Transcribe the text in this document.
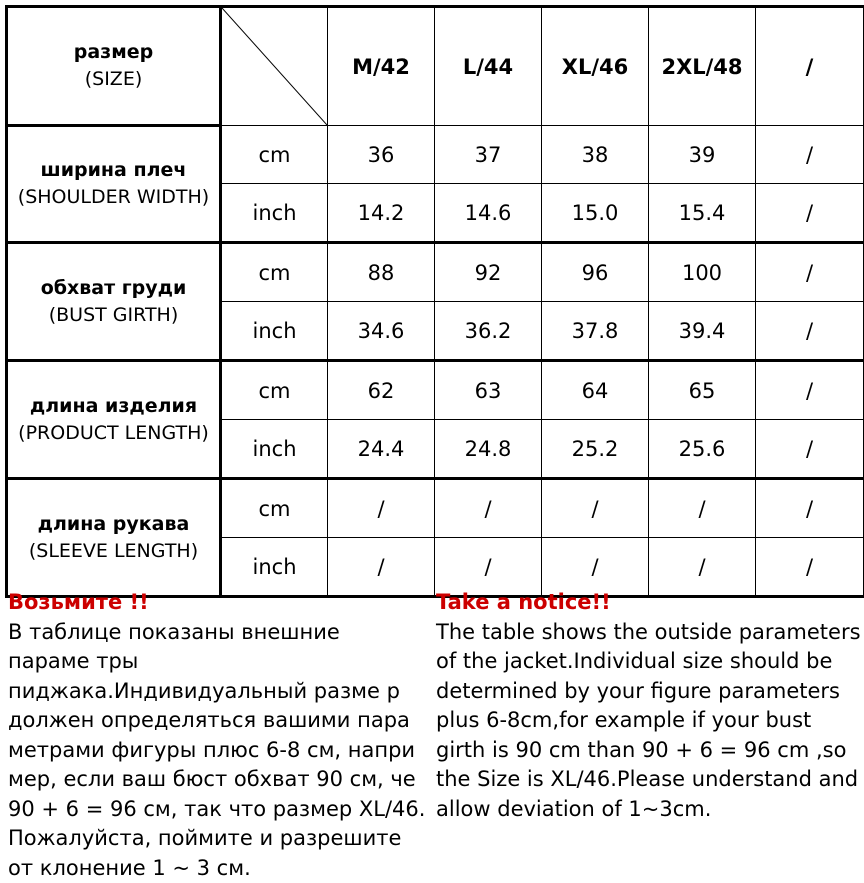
размер
(SIZE)		M/42	L/44	XL/46	2XL/48	/

ширина плеч
(SHOULDER WIDTH)	cm	36	37	38	39	/
	inch	14.2	14.6	15.0	15.4	/

обхват груди
(BUST GIRTH)	cm	88	92	96	100	/
	inch	34.6	36.2	37.8	39.4	/

длина изделия
(PRODUCT LENGTH)	cm	62	63	64	65	/
	inch	24.4	24.8	25.2	25.6	/

длина рукава
(SLEEVE LENGTH)	cm	/	/	/	/	/
	inch	/	/	/	/	/
Возьмите !!
В таблице показаны внешние параме тры пиджака.Индивидуальный разме р должен определяться вашими пара метрами фигуры плюс 6-8 см, напри мер, если ваш бюст обхват 90 см, че 90 + 6 = 96 см, так что размер XL/46. Пожалуйста, поймите и разрешите от клонение 1 ~ 3 см.
Take a notice!!
The table shows the outside parameters of the jacket.Individual size should be determined by your figure parameters plus 6-8cm,for example if your bust girth is 90 cm than 90 + 6 = 96 cm ,so the Size is XL/46.Please understand and allow deviation of 1~3cm.
